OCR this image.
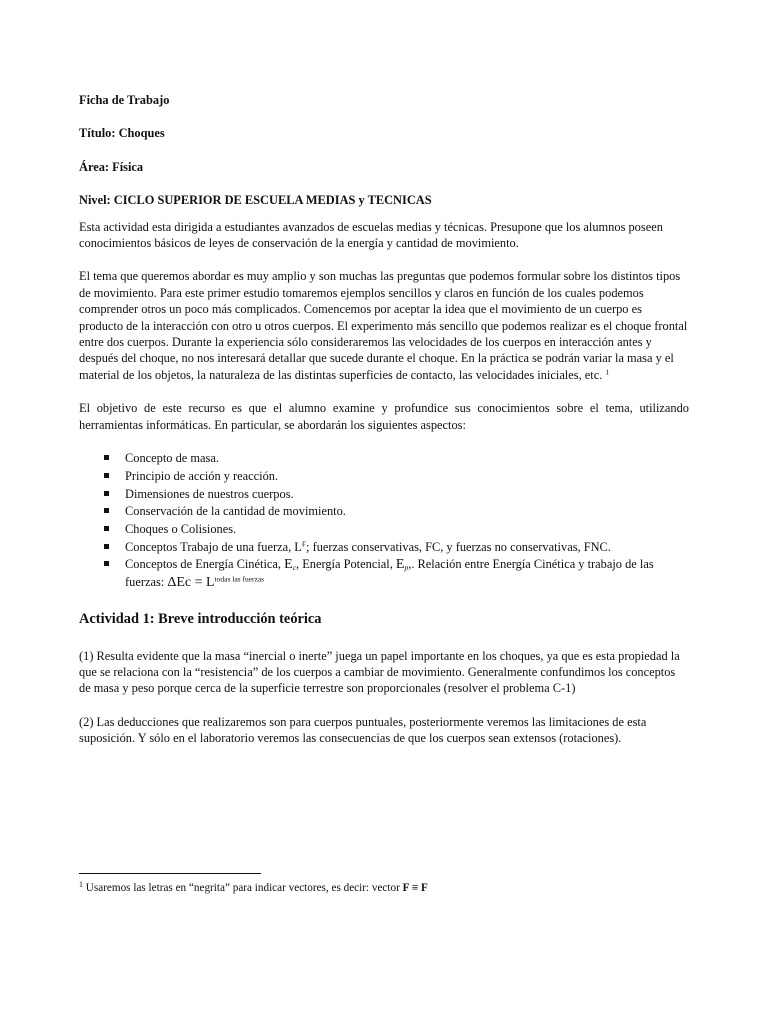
Ficha de Trabajo
Título: Choques
Área: Física
Nivel: CICLO SUPERIOR DE ESCUELA MEDIAS y TECNICAS

Esta actividad esta dirigida a estudiantes avanzados de escuelas medias y técnicas. Presupone que los alumnos poseen conocimientos básicos de leyes de conservación de la energía y cantidad de movimiento.

El tema que queremos abordar es muy amplio y son muchas las preguntas que podemos formular sobre los distintos tipos de movimiento. Para este primer estudio tomaremos ejemplos sencillos y claros en función de los cuales podemos comprender otros un poco más complicados. Comencemos por aceptar la idea que el movimiento de un cuerpo es producto de la interacción con otro u otros cuerpos. El experimento más sencillo que podemos realizar es el choque frontal entre dos cuerpos. Durante la experiencia sólo consideraremos las velocidades de los cuerpos en interacción antes y después del choque, no nos interesará detallar que sucede durante el choque. En la práctica se podrán variar la masa y el material de los objetos, la naturaleza de las distintas superficies de contacto, las velocidades iniciales, etc. $^1$

El objetivo de este recurso es que el alumno examine y profundice sus conocimientos sobre el tema, utilizando herramientas informáticas. En particular, se abordarán los siguientes aspectos:

Concepto de masa.
Principio de acción y reacción.
Dimensiones de nuestros cuerpos.
Conservación de la cantidad de movimiento.
Choques o Colisiones.
Conceptos Trabajo de una fuerza, $L^F$; fuerzas conservativas, FC, y fuerzas no conservativas, FNC.
Conceptos de Energía Cinética, $E_c$, Energía Potencial, $E_p$,. Relación entre Energía Cinética y trabajo de las fuerzas: $\Delta Ec = L^{todas las fuerzas}$
Actividad 1: Breve introducción teórica

(1) Resulta evidente que la masa “inercial o inerte” juega un papel importante en los choques, ya que es esta propiedad la que se relaciona con la “resistencia” de los cuerpos a cambiar de movimiento. Generalmente confundimos los conceptos de masa y peso porque cerca de la superficie terrestre son proporcionales (resolver el problema C-1)

(2) Las deducciones que realizaremos son para cuerpos puntuales, posteriormente veremos las limitaciones de esta suposición. Y sólo en el laboratorio veremos las consecuencias de que los cuerpos sean extensos (rotaciones).

$^1$ Usaremos las letras en “negrita” para indicar vectores, es decir: vector F ≡ F
